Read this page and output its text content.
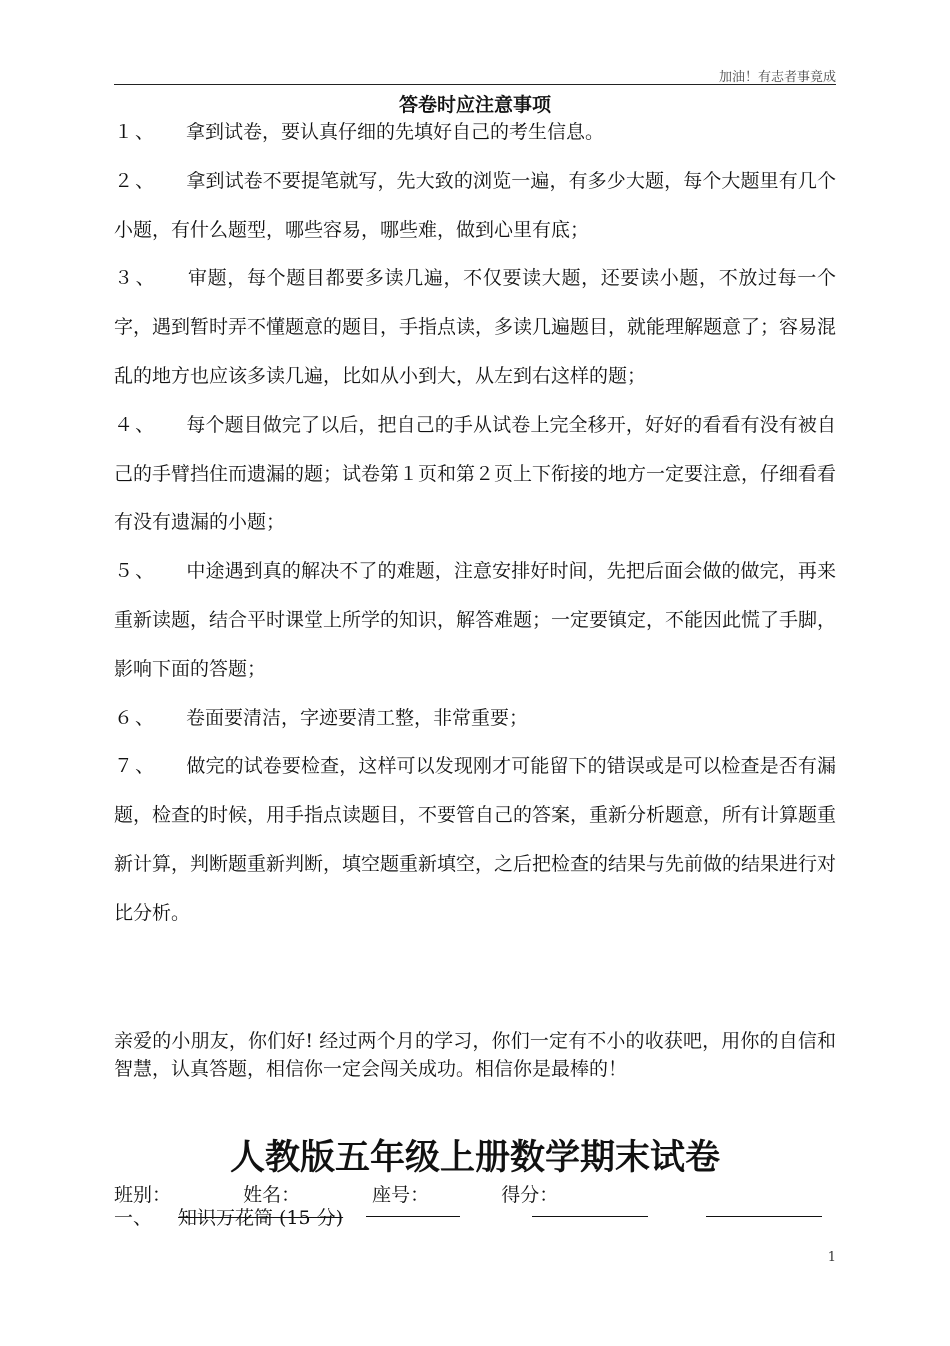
加油！有志者事竟成
答卷时应注意事项

１、 拿到试卷，要认真仔细的先填好自己的考生信息。

２、 拿到试卷不要提笔就写，先大致的浏览一遍，有多少大题，每个大题里有几个小题，有什么题型，哪些容易，哪些难，做到心里有底；

３、 审题，每个题目都要多读几遍，不仅要读大题，还要读小题，不放过每一个字，遇到暂时弄不懂题意的题目，手指点读，多读几遍题目，就能理解题意了；容易混乱的地方也应该多读几遍，比如从小到大，从左到右这样的题；

４、 每个题目做完了以后，把自己的手从试卷上完全移开，好好的看看有没有被自己的手臂挡住而遗漏的题；试卷第１页和第２页上下衔接的地方一定要注意，仔细看看有没有遗漏的小题；

５、 中途遇到真的解决不了的难题，注意安排好时间，先把后面会做的做完，再来重新读题，结合平时课堂上所学的知识，解答难题；一定要镇定，不能因此慌了手脚，影响下面的答题；

６、 卷面要清洁，字迹要清工整，非常重要；

７、 做完的试卷要检查，这样可以发现刚才可能留下的错误或是可以检查是否有漏题，检查的时候，用手指点读题目，不要管自己的答案，重新分析题意，所有计算题重新计算，判断题重新判断，填空题重新填空，之后把检查的结果与先前做的结果进行对比分析。

亲爱的小朋友，你们好! 经过两个月的学习，你们一定有不小的收获吧，用你的自信和智慧，认真答题，相信你一定会闯关成功。相信你是最棒的！
人教版五年级上册数学期末试卷
班别：	姓名：	座号：	得分：
一、 知识万花筒 (15 分)
1
